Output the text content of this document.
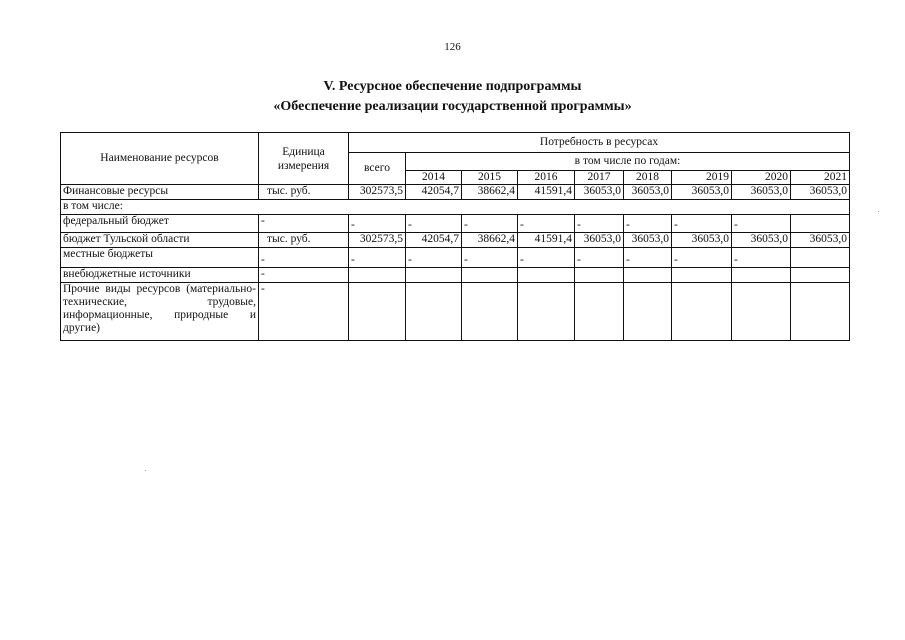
126
V. Ресурсное обеспечение подпрограммы
«Обеспечение реализации государственной программы»
Наименование ресурсов	Единица измерения	Потребность в ресурсах								
		всего	в том числе по годам:							
			2014	2015	2016	2017	2018	2019	2020	2021
Финансовые ресурсы	тыс. руб.	302573,5	42054,7	38662,4	41591,4	36053,0	36053,0	36053,0	36053,0	36053,0
в том числе:										
федеральный бюджет	-	-	-	-	-	-	-	-	-	
бюджет Тульской области	тыс. руб.	302573,5	42054,7	38662,4	41591,4	36053,0	36053,0	36053,0	36053,0	36053,0
местные бюджеты	-	-	-	-	-	-	-	-	-	
внебюджетные источники	-									
Прочие виды ресурсов (материально-технические, трудовые, информационные, природные и другие)	-									
